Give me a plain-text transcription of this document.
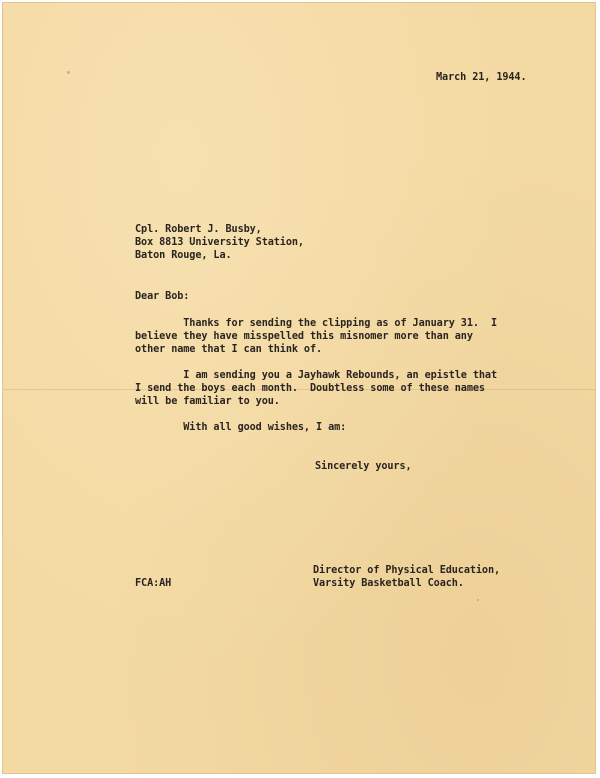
March 21, 1944.
Cpl. Robert J. Busby,
Box 8813 University Station,
Baton Rouge, La.
Dear Bob:
Thanks for sending the clipping as of January 31.  I
believe they have misspelled this misnomer more than any
other name that I can think of.
I am sending you a Jayhawk Rebounds, an epistle that
I send the boys each month.  Doubtless some of these names
will be familiar to you.
With all good wishes, I am:
Sincerely yours,
Director of Physical Education,
Varsity Basketball Coach.
FCA:AH
